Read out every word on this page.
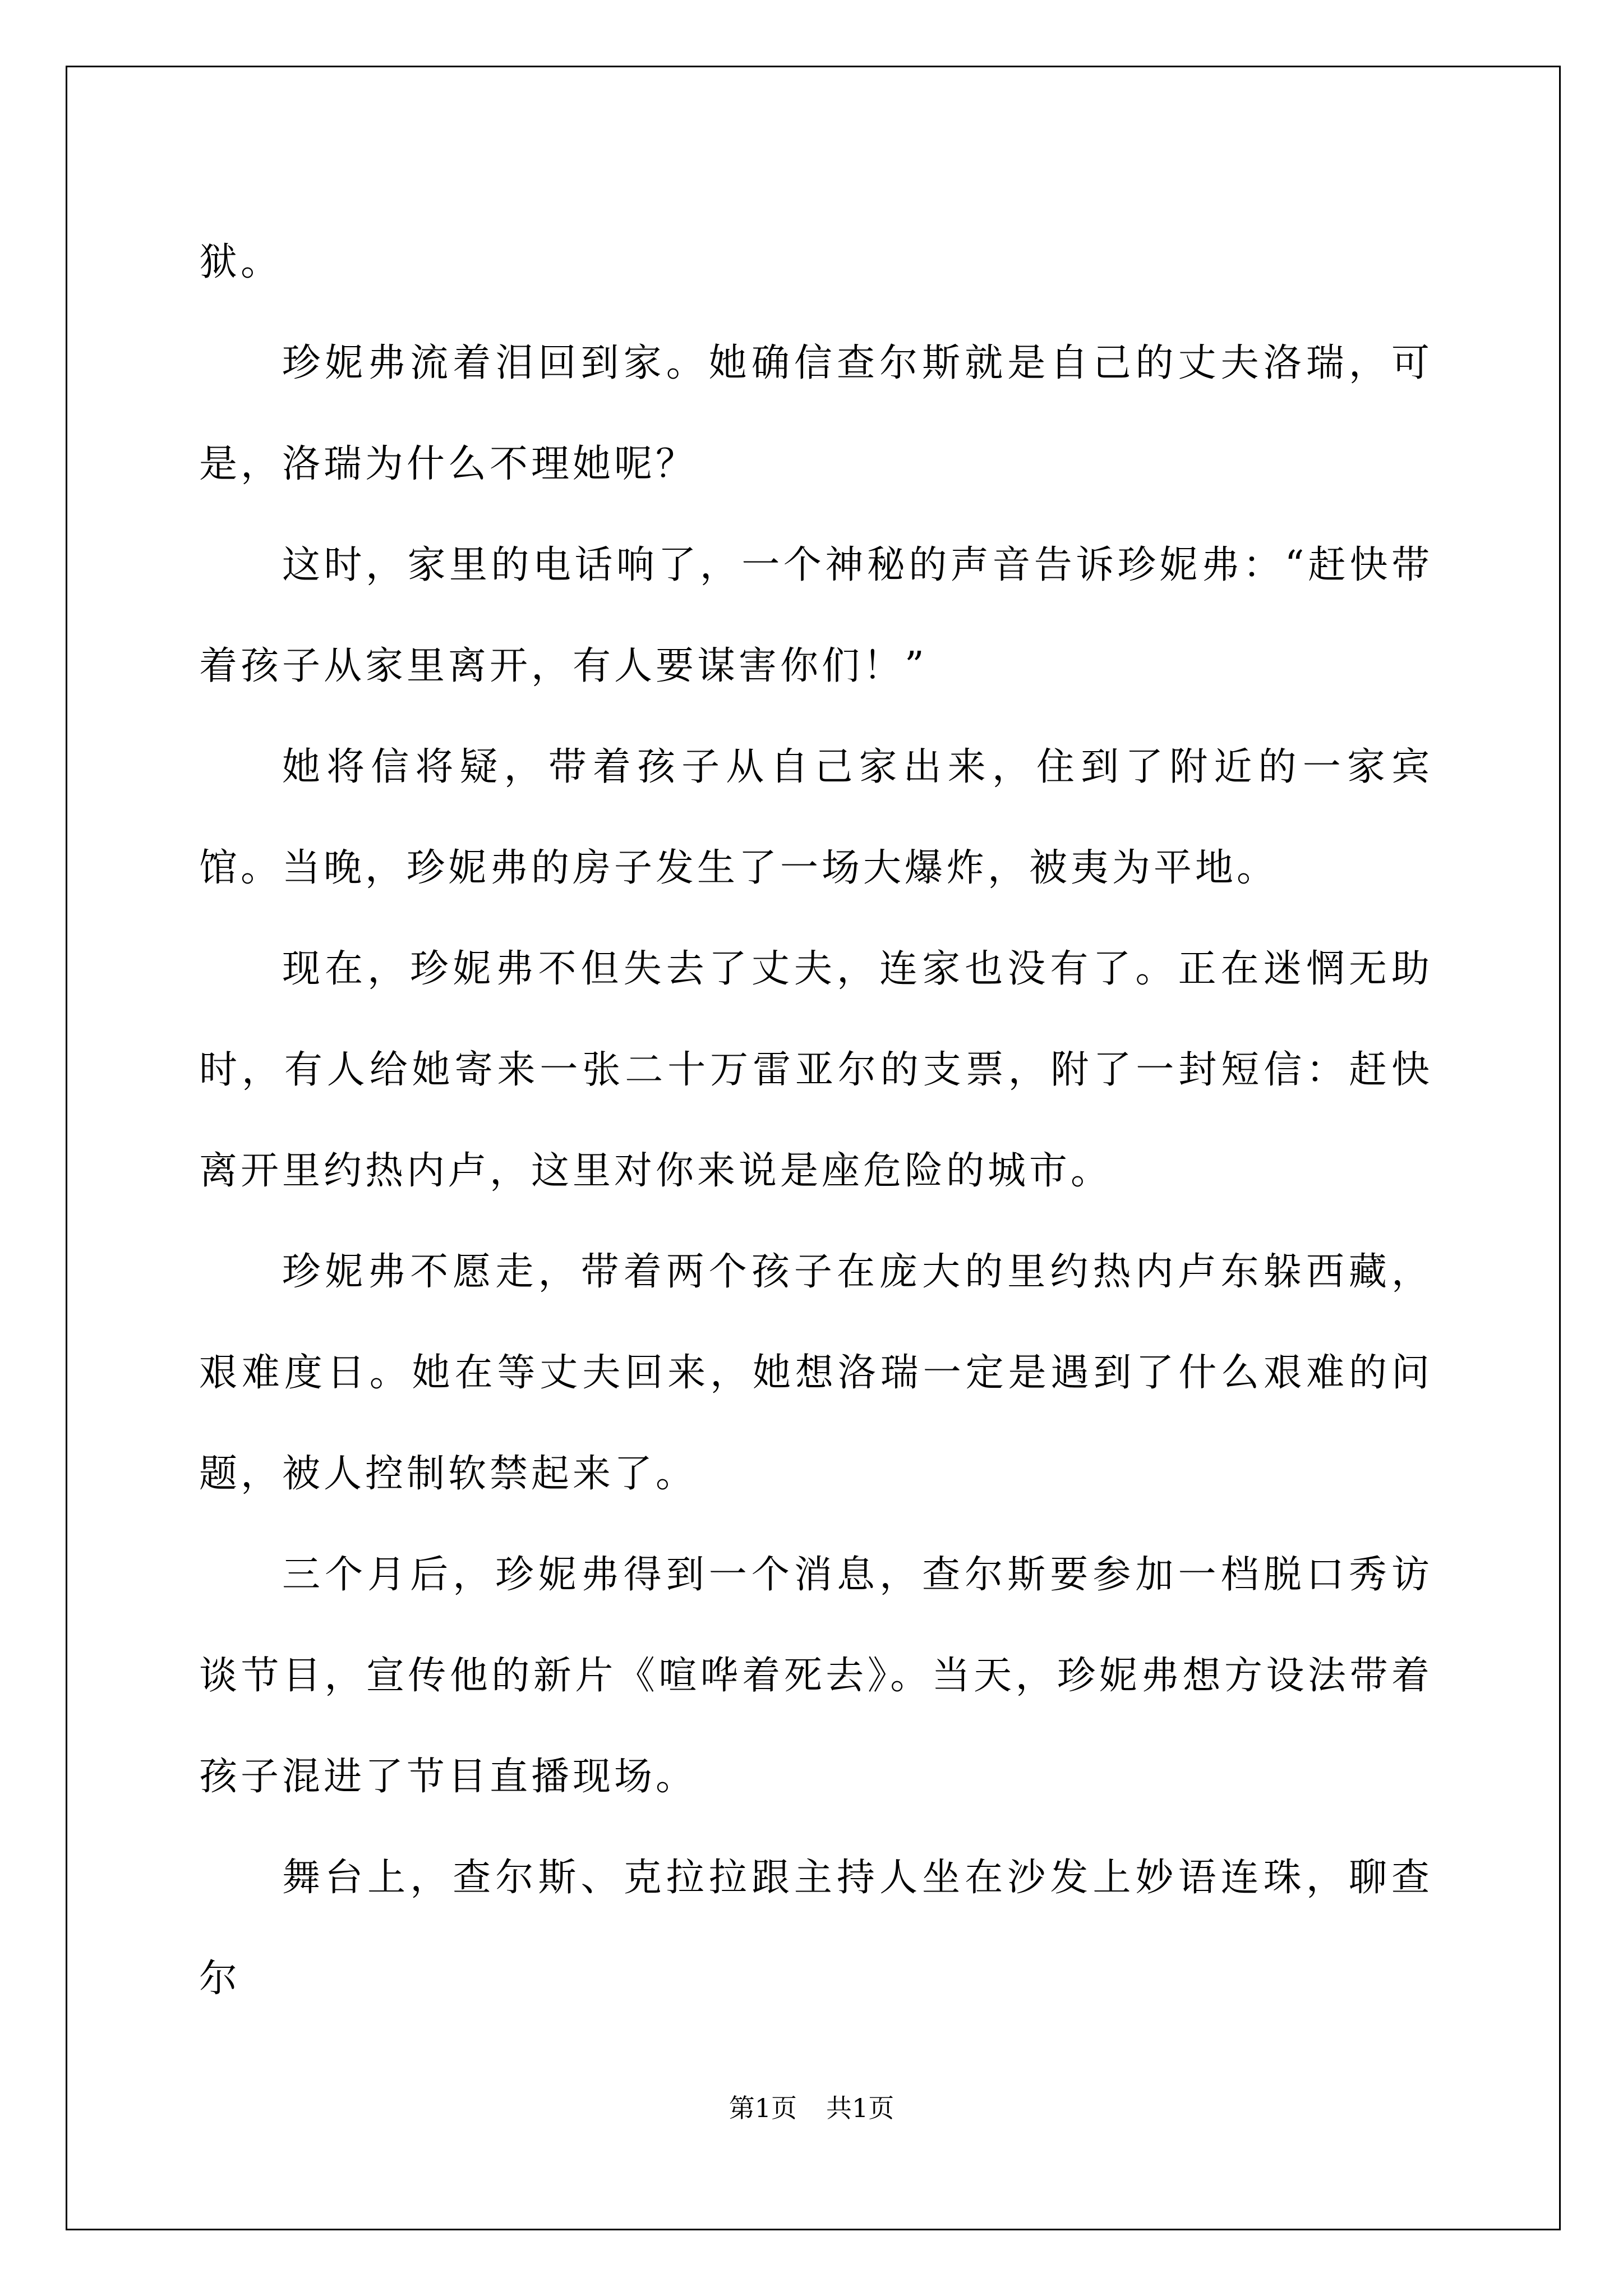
狱。

珍妮弗流着泪回到家。她确信查尔斯就是自己的丈夫洛瑞，可是，洛瑞为什么不理她呢？

这时，家里的电话响了，一个神秘的声音告诉珍妮弗：“赶快带着孩子从家里离开，有人要谋害你们！”

她将信将疑，带着孩子从自己家出来，住到了附近的一家宾馆。当晚，珍妮弗的房子发生了一场大爆炸，被夷为平地。

现在，珍妮弗不但失去了丈夫，连家也没有了。正在迷惘无助时，有人给她寄来一张二十万雷亚尔的支票，附了一封短信：赶快离开里约热内卢，这里对你来说是座危险的城市。

珍妮弗不愿走，带着两个孩子在庞大的里约热内卢东躲西藏，艰难度日。她在等丈夫回来，她想洛瑞一定是遇到了什么艰难的问题，被人控制软禁起来了。

三个月后，珍妮弗得到一个消息，查尔斯要参加一档脱口秀访谈节目，宣传他的新片《喧哗着死去》。当天，珍妮弗想方设法带着孩子混进了节目直播现场。

舞台上，查尔斯、克拉拉跟主持人坐在沙发上妙语连珠，聊查尔

第1页 共1页
